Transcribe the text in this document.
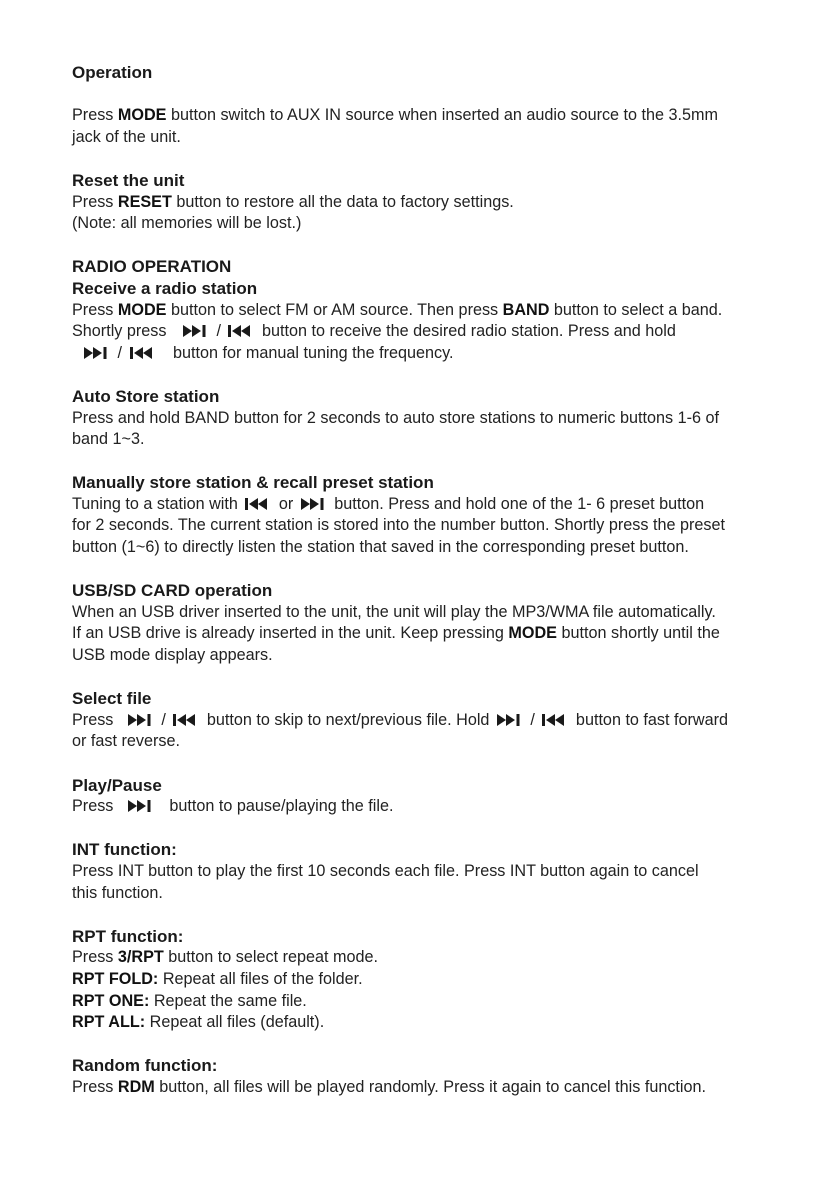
Operation

Press MODE button switch to AUX IN source when inserted an audio source to the 3.5mm

jack of the unit.

Reset the unit

Press RESET button to restore all the data to factory settings.

(Note: all memories will be lost.)

RADIO OPERATION

Receive a radio station

Press MODE button to select FM or AM source. Then press BAND button to select a band.

Shortly press	/
button to receive the desired radio station. Press and hold

/	button for manual tuning the frequency.

Auto Store station

Press and hold BAND button for 2 seconds to auto store stations to numeric buttons 1-6 of

band 1~3.

Manually store station & recall preset station

Tuning to a station with
or
button. Press and hold one of the 1- 6 preset button

for 2 seconds. The current station is stored into the number button. Shortly press the preset

button (1~6) to directly listen the station that saved in the corresponding preset button.

USB/SD CARD operation

When an USB driver inserted to the unit, the unit will play the MP3/WMA file automatically.

If an USB drive is already inserted in the unit. Keep pressing MODE button shortly until the

USB mode display appears.

Select file

Press
/
button to skip to next/previous file. Hold
/
button to fast forward

or fast reverse.

Play/Pause

Press	button to pause/playing the file.

INT function:

Press INT button to play the first 10 seconds each file. Press INT button again to cancel

this function.

RPT function:

Press 3/RPT button to select repeat mode.

RPT FOLD: Repeat all files of the folder.

RPT ONE: Repeat the same file.

RPT ALL: Repeat all files (default).

Random function:

Press RDM button, all files will be played randomly. Press it again to cancel this function.
